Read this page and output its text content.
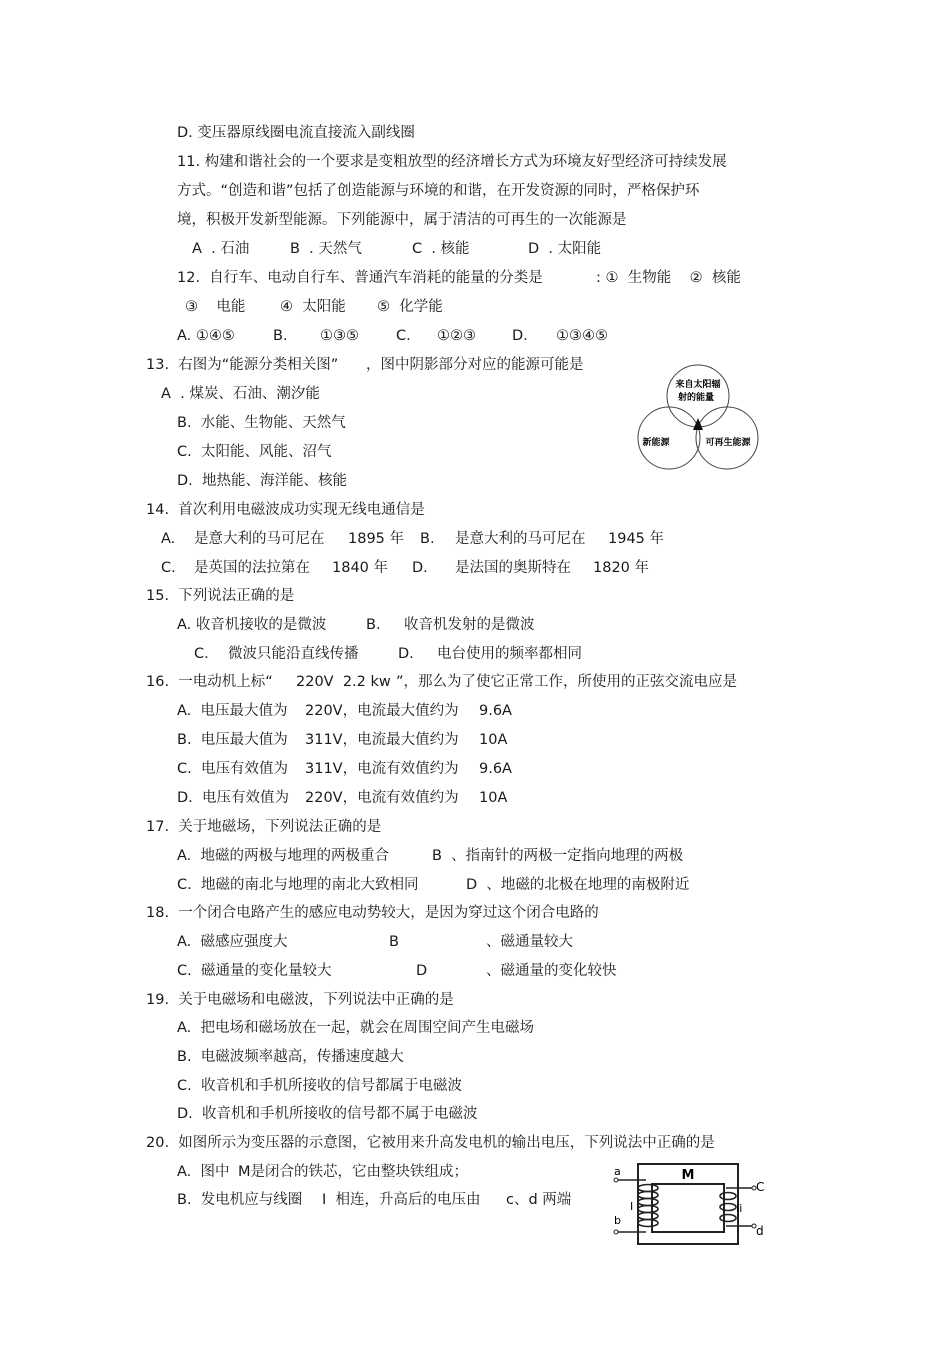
D. 变压器原线圈电流直接流入副线圈
11. 构建和谐社会的一个要求是变粗放型的经济增长方式为环境友好型经济可持续发展
方式。“创造和谐”包括了创造能源与环境的和谐，在开发资源的同时，严格保护环
境，积极开发新型能源。下列能源中，属于清洁的可再生的一次能源是
A  . 石油	B  . 天然气	C  . 核能	D  . 太阳能
12.  自行车、电动自行车、普通汽车消耗的能量的分类是	: ①  生物能    ②  核能
③    电能 ④  太阳能 ⑤  化学能
A. ①④⑤	B. ①③⑤	C. ①②③ D. ①③④⑤
13.  右图为“能源分类相关图” ，图中阴影部分对应的能源可能是
A  . 煤炭、石油、潮汐能
B.  水能、生物能、天然气
C.  太阳能、风能、沼气
D.  地热能、海洋能、核能
来自太阳辐
射的能量
新能源	可再生能源
14.  首次利用电磁波成功实现无线电通信是
A. 是意大利的马可尼在 1895 年 B. 是意大利的马可尼在 1945 年
C. 是英国的法拉第在 1840 年 D. 是法国的奥斯特在 1820 年
15.  下列说法正确的是
A. 收音机接收的是微波	B. 收音机发射的是微波
C. 微波只能沿直线传播	D. 电台使用的频率都相同
16.  一电动机上标“ 220V  2.2 kw ”，那么为了使它正常工作，所使用的正弦交流电应是
A.  电压最大值为 220V，电流最大值约为 9.6A
B.  电压最大值为 311V，电流最大值约为 10A
C.  电压有效值为 311V，电流有效值约为 9.6A
D.  电压有效值为 220V，电流有效值约为 10A
17.  关于地磁场，下列说法正确的是
A.  地磁的两极与地理的两极重合	B  、指南针的两极一定指向地理的两极
C.  地磁的南北与地理的南北大致相同	D  、地磁的北极在地理的南极附近
18.  一个闭合电路产生的感应电动势较大，是因为穿过这个闭合电路的
A.  磁感应强度大	B	、磁通量较大
C.  磁通量的变化量较大	D	、磁通量的变化较快
19.  关于电磁场和电磁波，下列说法中正确的是
A.  把电场和磁场放在一起，就会在周围空间产生电磁场
B.  电磁波频率越高，传播速度越大
C.  收音机和手机所接收的信号都属于电磁波
D.  收音机和手机所接收的信号都不属于电磁波
20.  如图所示为变压器的示意图，它被用来升高发电机的输出电压，下列说法中正确的是
A.  图中 M是闭合的铁芯，它由整块铁组成；
B.  发电机应与线圈 I  相连，升高后的电压由 c、d 两端
M
a
b
I
C
d
Ii
